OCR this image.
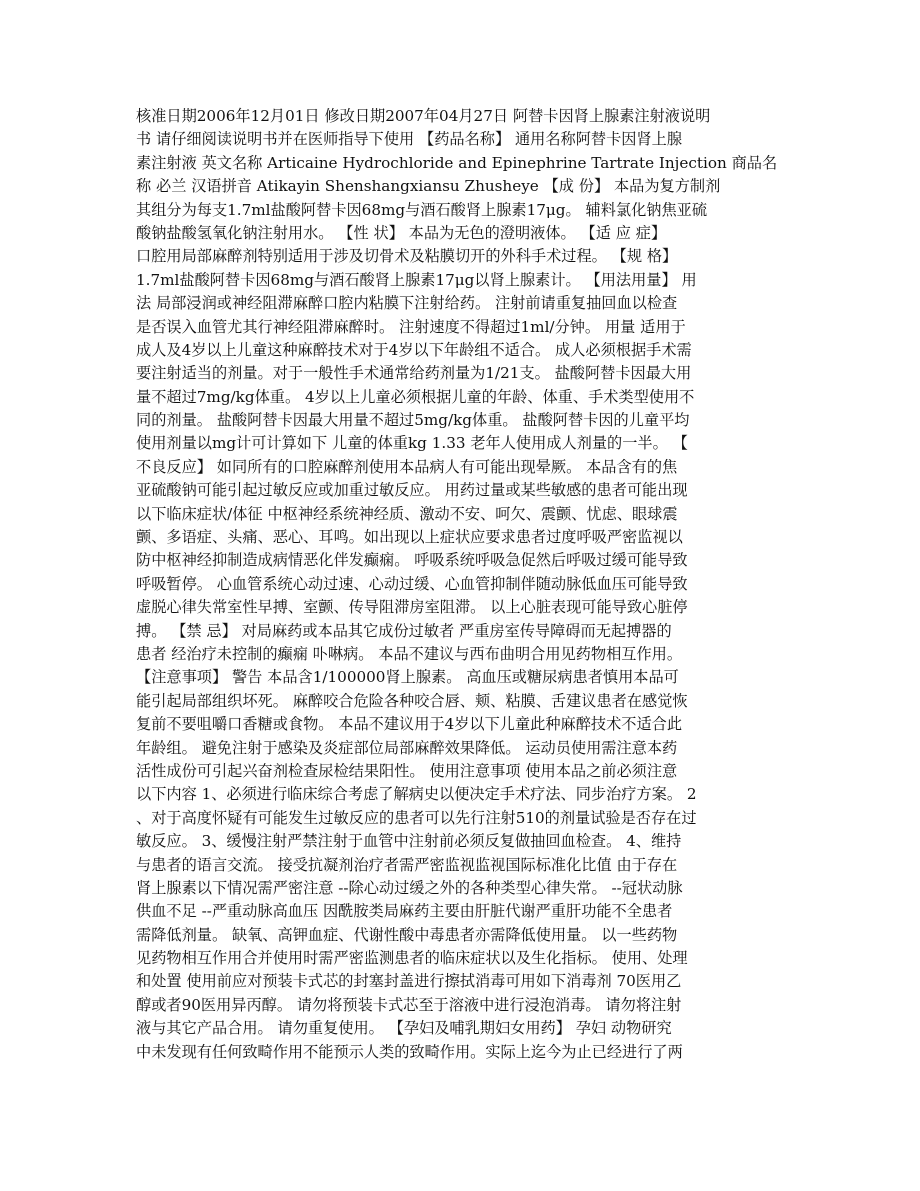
核准日期2006年12月01日 修改日期2007年04月27日 阿替卡因肾上腺素注射液说明
书 请仔细阅读说明书并在医师指导下使用 【药品名称】 通用名称阿替卡因肾上腺
素注射液 英文名称 Articaine Hydrochloride and Epinephrine Tartrate Injection 商品名
称 必兰 汉语拼音 Atikayin Shenshangxiansu Zhusheye 【成 份】 本品为复方制剂
其组分为每支1.7ml盐酸阿替卡因68mg与酒石酸肾上腺素17μg。 辅料氯化钠焦亚硫
酸钠盐酸氢氧化钠注射用水。 【性 状】 本品为无色的澄明液体。 【适 应 症】
口腔用局部麻醉剂特别适用于涉及切骨术及粘膜切开的外科手术过程。 【规 格】
1.7ml盐酸阿替卡因68mg与酒石酸肾上腺素17μg以肾上腺素计。 【用法用量】 用
法 局部浸润或神经阻滞麻醉口腔内粘膜下注射给药。 注射前请重复抽回血以检查
是否误入血管尤其行神经阻滞麻醉时。 注射速度不得超过1ml/分钟。 用量 适用于
成人及4岁以上儿童这种麻醉技术对于4岁以下年龄组不适合。 成人必须根据手术需
要注射适当的剂量。对于一般性手术通常给药剂量为1/21支。 盐酸阿替卡因最大用
量不超过7mg/kg体重。 4岁以上儿童必须根据儿童的年龄、体重、手术类型使用不
同的剂量。 盐酸阿替卡因最大用量不超过5mg/kg体重。 盐酸阿替卡因的儿童平均
使用剂量以mg计可计算如下 儿童的体重kg 1.33 老年人使用成人剂量的一半。 【
不良反应】 如同所有的口腔麻醉剂使用本品病人有可能出现晕厥。 本品含有的焦
亚硫酸钠可能引起过敏反应或加重过敏反应。 用药过量或某些敏感的患者可能出现
以下临床症状/体征 中枢神经系统神经质、激动不安、呵欠、震颤、忧虑、眼球震
颤、多语症、头痛、恶心、耳鸣。如出现以上症状应要求患者过度呼吸严密监视以
防中枢神经抑制造成病情恶化伴发癫痫。 呼吸系统呼吸急促然后呼吸过缓可能导致
呼吸暂停。 心血管系统心动过速、心动过缓、心血管抑制伴随动脉低血压可能导致
虚脱心律失常室性早搏、室颤、传导阻滞房室阻滞。 以上心脏表现可能导致心脏停
搏。 【禁 忌】 对局麻药或本品其它成份过敏者 严重房室传导障碍而无起搏器的
患者 经治疗未控制的癫痫 卟啉病。 本品不建议与西布曲明合用见药物相互作用。
【注意事项】 警告 本品含1/100000肾上腺素。 高血压或糖尿病患者慎用本品可
能引起局部组织坏死。 麻醉咬合危险各种咬合唇、颊、粘膜、舌建议患者在感觉恢
复前不要咀嚼口香糖或食物。 本品不建议用于4岁以下儿童此种麻醉技术不适合此
年龄组。 避免注射于感染及炎症部位局部麻醉效果降低。 运动员使用需注意本药
活性成份可引起兴奋剂检查尿检结果阳性。 使用注意事项 使用本品之前必须注意
以下内容 1、必须进行临床综合考虑了解病史以便决定手术疗法、同步治疗方案。 2
、对于高度怀疑有可能发生过敏反应的患者可以先行注射510的剂量试验是否存在过
敏反应。 3、缓慢注射严禁注射于血管中注射前必须反复做抽回血检查。 4、维持
与患者的语言交流。 接受抗凝剂治疗者需严密监视监视国际标准化比值 由于存在
肾上腺素以下情况需严密注意 --除心动过缓之外的各种类型心律失常。 --冠状动脉
供血不足 --严重动脉高血压 因酰胺类局麻药主要由肝脏代谢严重肝功能不全患者
需降低剂量。 缺氧、高钾血症、代谢性酸中毒患者亦需降低使用量。 以一些药物
见药物相互作用合并使用时需严密监测患者的临床症状以及生化指标。 使用、处理
和处置 使用前应对预装卡式芯的封塞封盖进行擦拭消毒可用如下消毒剂 70医用乙
醇或者90医用异丙醇。 请勿将预装卡式芯至于溶液中进行浸泡消毒。 请勿将注射
液与其它产品合用。 请勿重复使用。 【孕妇及哺乳期妇女用药】 孕妇 动物研究
中未发现有任何致畸作用不能预示人类的致畸作用。实际上迄今为止已经进行了两
